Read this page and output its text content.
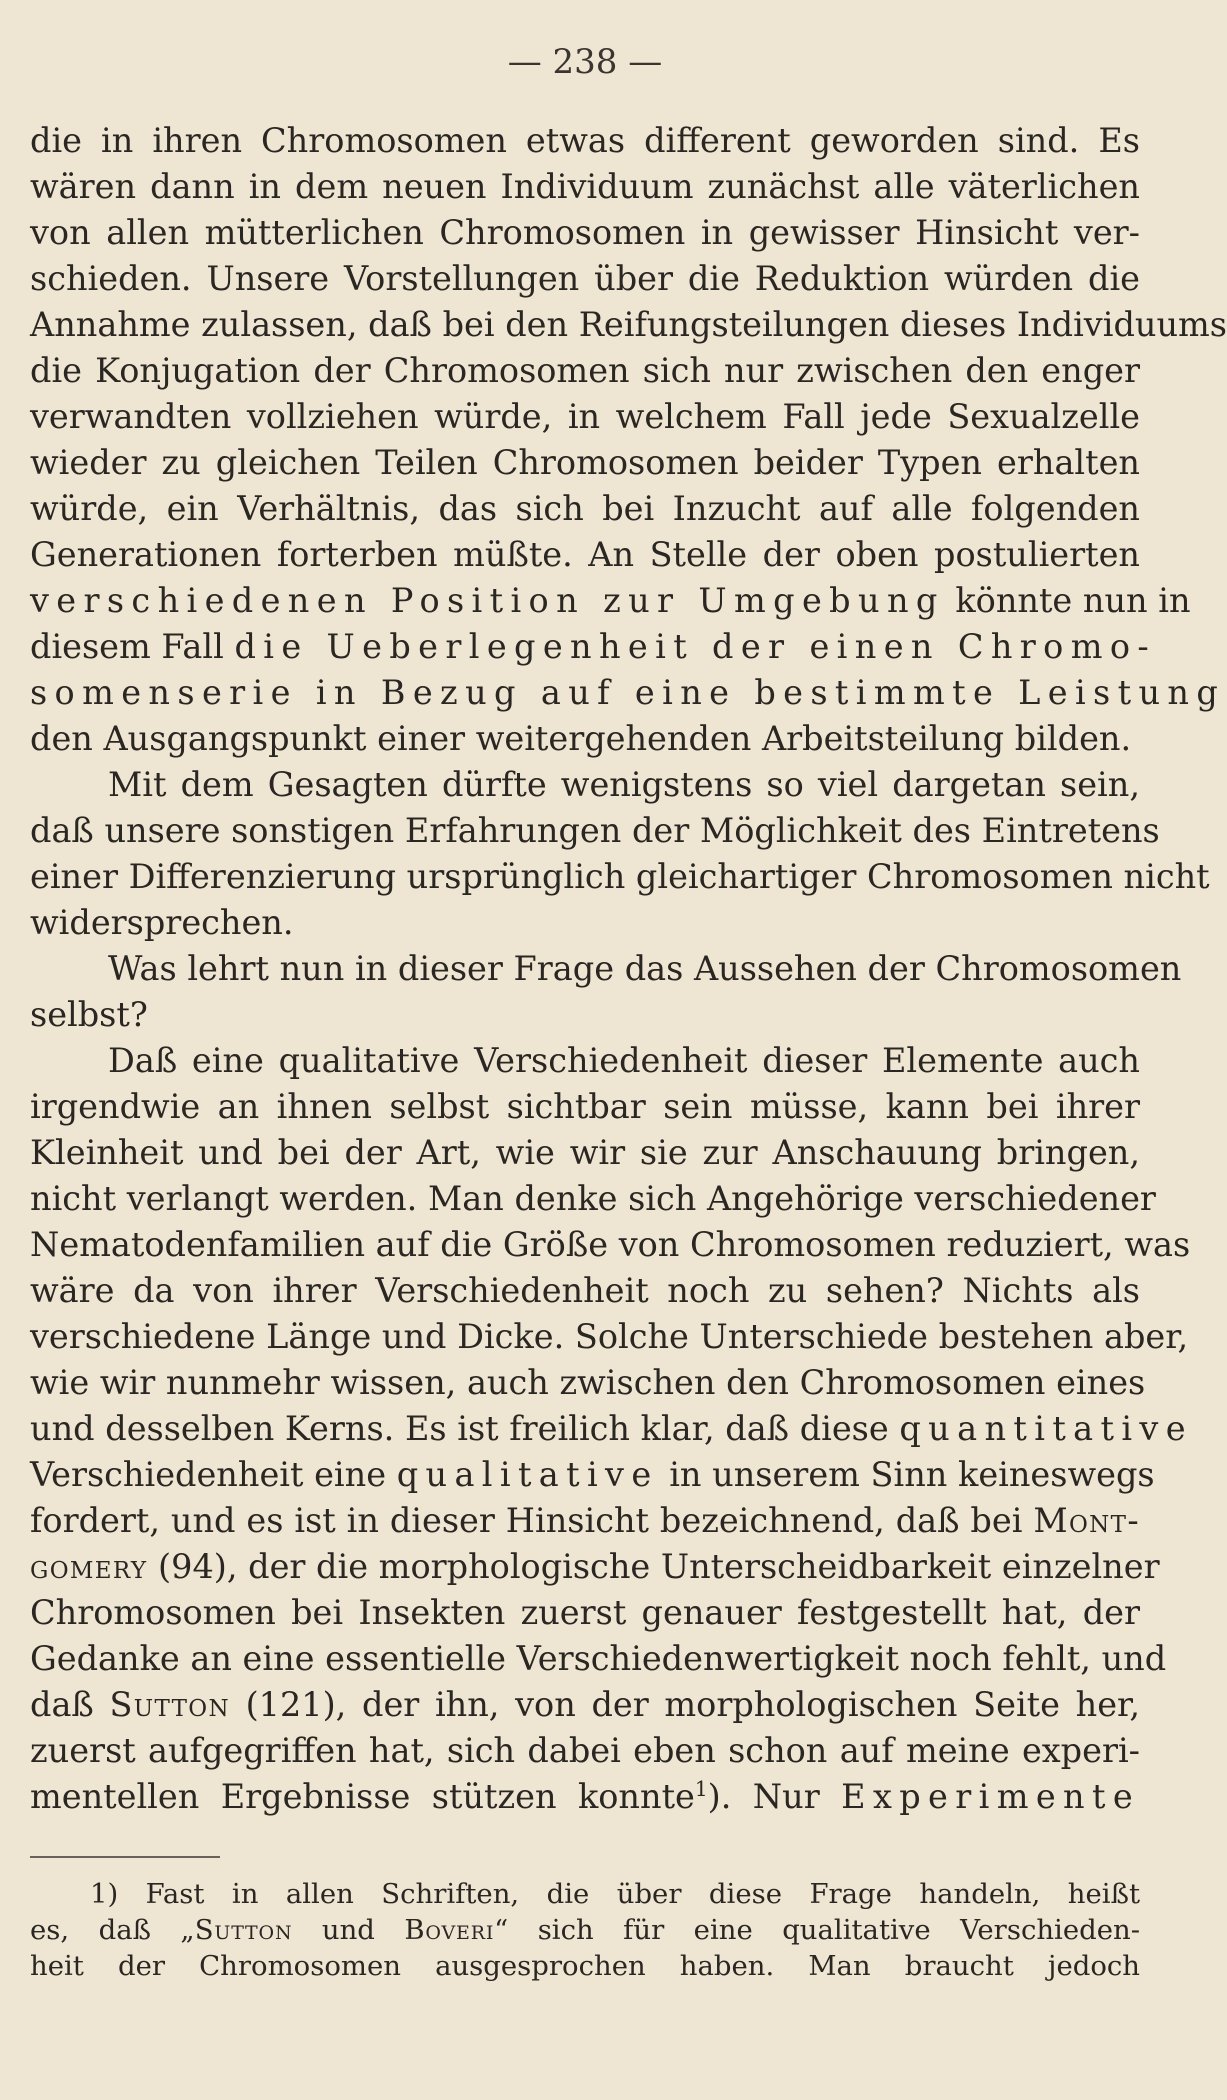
— 238 —
die in ihren Chromosomen etwas different geworden sind. Es
wären dann in dem neuen Individuum zunächst alle väterlichen
von allen mütterlichen Chromosomen in gewisser Hinsicht ver-
schieden. Unsere Vorstellungen über die Reduktion würden die
Annahme zulassen, daß bei den Reifungsteilungen dieses Individuums
die Konjugation der Chromosomen sich nur zwischen den enger
verwandten vollziehen würde, in welchem Fall jede Sexualzelle
wieder zu gleichen Teilen Chromosomen beider Typen erhalten
würde, ein Verhältnis, das sich bei Inzucht auf alle folgenden
Generationen forterben müßte. An Stelle der oben postulierten
verschiedenen Position zur Umgebung könnte nun in
diesem Fall die Ueberlegenheit der einen Chromo-
somenserie in Bezug auf eine bestimmte Leistung
den Ausgangspunkt einer weitergehenden Arbeitsteilung bilden.
Mit dem Gesagten dürfte wenigstens so viel dargetan sein,
daß unsere sonstigen Erfahrungen der Möglichkeit des Eintretens
einer Differenzierung ursprünglich gleichartiger Chromosomen nicht
widersprechen.
Was lehrt nun in dieser Frage das Aussehen der Chromosomen
selbst?
Daß eine qualitative Verschiedenheit dieser Elemente auch
irgendwie an ihnen selbst sichtbar sein müsse, kann bei ihrer
Kleinheit und bei der Art, wie wir sie zur Anschauung bringen,
nicht verlangt werden. Man denke sich Angehörige verschiedener
Nematodenfamilien auf die Größe von Chromosomen reduziert, was
wäre da von ihrer Verschiedenheit noch zu sehen? Nichts als
verschiedene Länge und Dicke. Solche Unterschiede bestehen aber,
wie wir nunmehr wissen, auch zwischen den Chromosomen eines
und desselben Kerns. Es ist freilich klar, daß diese quantitative
Verschiedenheit eine qualitative in unserem Sinn keineswegs
fordert, und es ist in dieser Hinsicht bezeichnend, daß bei Mont-
gomery (94), der die morphologische Unterscheidbarkeit einzelner
Chromosomen bei Insekten zuerst genauer festgestellt hat, der
Gedanke an eine essentielle Verschiedenwertigkeit noch fehlt, und
daß Sutton (121), der ihn, von der morphologischen Seite her,
zuerst aufgegriffen hat, sich dabei eben schon auf meine experi-
mentellen Ergebnisse stützen konnte$^1$). Nur Experimente
1) Fast in allen Schriften, die über diese Frage handeln, heißt
es, daß „Sutton und Boveri“ sich für eine qualitative Verschieden-
heit der Chromosomen ausgesprochen haben. Man braucht jedoch
